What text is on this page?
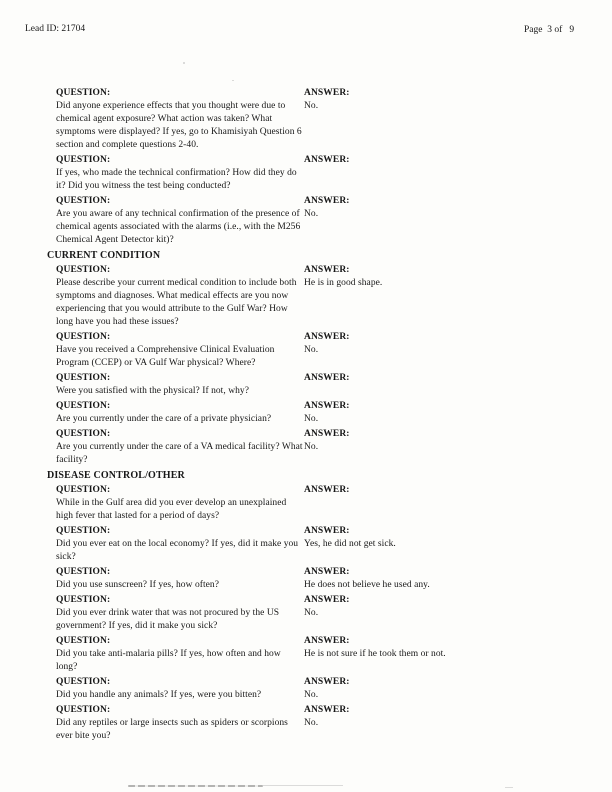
Lead ID: 21704	Page  3 of   9
QUESTION:
Did anyone experience effects that you thought were due to chemical agent exposure? What action was taken? What symptoms were displayed? If yes, go to Khamisiyah Question 6 section and complete questions 2-40.
ANSWER:
No.
QUESTION:
If yes, who made the technical confirmation? How did they do it? Did you witness the test being conducted?
ANSWER:
QUESTION:
Are you aware of any technical confirmation of the presence of chemical agents associated with the alarms (i.e., with the M256 Chemical Agent Detector kit)?
ANSWER:
No.
CURRENT CONDITION
QUESTION:
Please describe your current medical condition to include both symptoms and diagnoses. What medical effects are you now experiencing that you would attribute to the Gulf War? How long have you had these issues?
ANSWER:
He is in good shape.
QUESTION:
Have you received a Comprehensive Clinical Evaluation Program (CCEP) or VA Gulf War physical? Where?
ANSWER:
No.
QUESTION:
Were you satisfied with the physical? If not, why?
ANSWER:
QUESTION:
Are you currently under the care of a private physician?
ANSWER:
No.
QUESTION:
Are you currently under the care of a VA medical facility? What facility?
ANSWER:
No.
DISEASE CONTROL/OTHER
QUESTION:
While in the Gulf area did you ever develop an unexplained high fever that lasted for a period of days?
ANSWER:
QUESTION:
Did you ever eat on the local economy? If yes, did it make you sick?
ANSWER:
Yes, he did not get sick.
QUESTION:
Did you use sunscreen? If yes, how often?
ANSWER:
He does not believe he used any.
QUESTION:
Did you ever drink water that was not procured by the US government? If yes, did it make you sick?
ANSWER:
No.
QUESTION:
Did you take anti-malaria pills? If yes, how often and how long?
ANSWER:
He is not sure if he took them or not.
QUESTION:
Did you handle any animals? If yes, were you bitten?
ANSWER:
No.
QUESTION:
Did any reptiles or large insects such as spiders or scorpions ever bite you?
ANSWER:
No.
